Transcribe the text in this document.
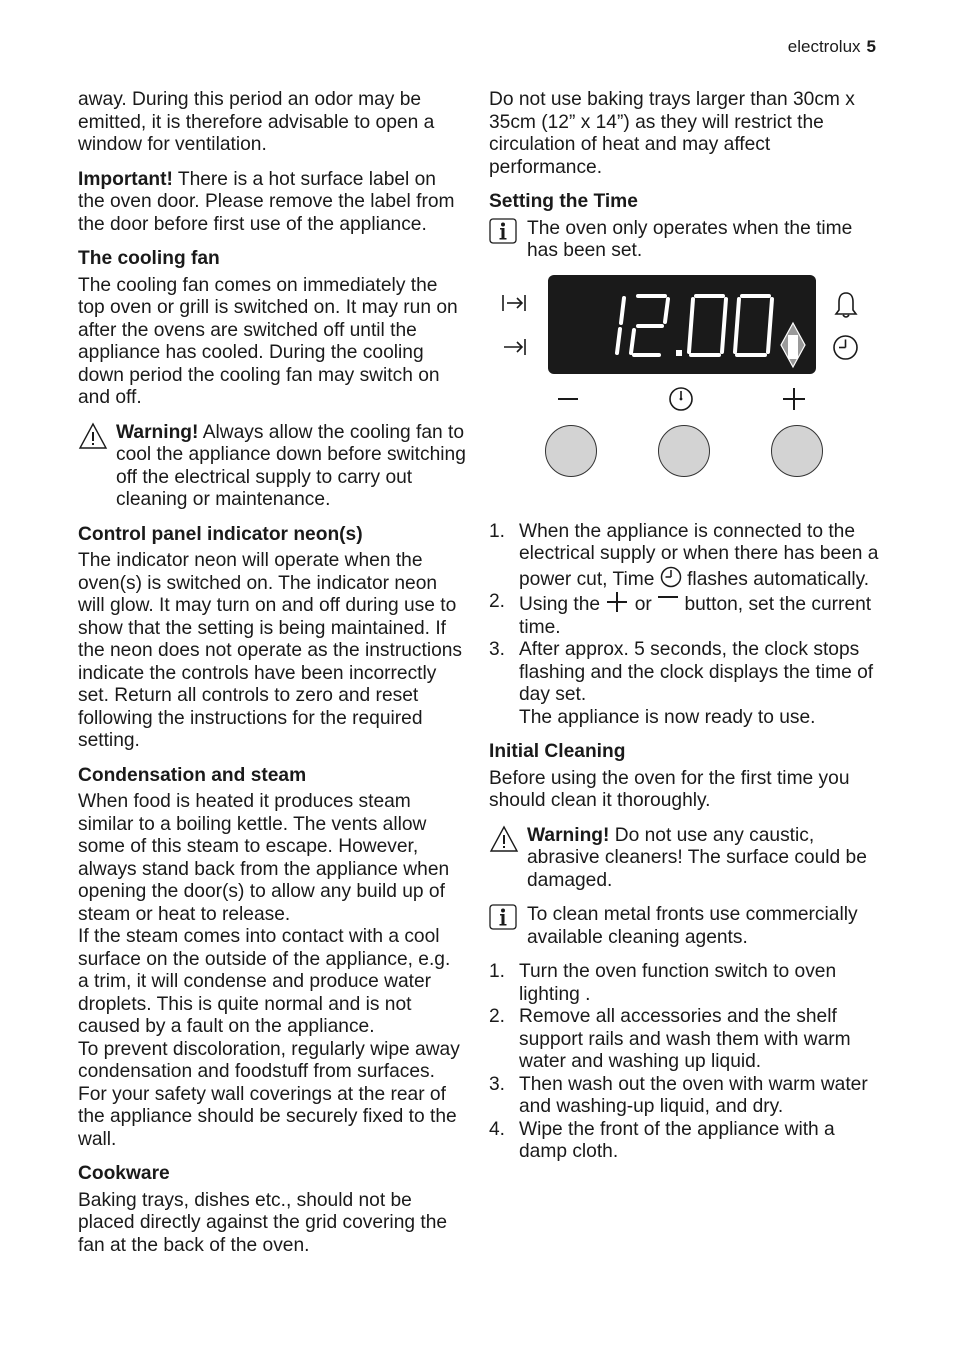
electrolux 5

away. During this period an odor may be emitted, it is therefore advisable to open a window for ventilation.

Important! There is a hot surface label on the oven door. Please remove the label from the door before first use of the appliance.

The cooling fan

The cooling fan comes on immediately the top oven or grill is switched on. It may run on after the ovens are switched off until the appliance has cooled. During the cooling down period the cooling fan may switch on and off.

Warning! Always allow the cooling fan to cool the appliance down before switching off the electrical supply to carry out cleaning or maintenance.
Control panel indicator neon(s)

The indicator neon will operate when the oven(s) is switched on. The indicator neon will glow. It may turn on and off during use to show that the setting is being maintained. If the neon does not operate as the instructions indicate the controls have been incorrectly set. Return all controls to zero and reset following the instructions for the required setting.

Condensation and steam

When food is heated it produces steam similar to a boiling kettle. The vents allow some of this steam to escape. However, always stand back from the appliance when opening the door(s) to allow any build up of steam or heat to release.

If the steam comes into contact with a cool surface on the outside of the appliance, e.g. a trim, it will condense and produce water droplets. This is quite normal and is not caused by a fault on the appliance.

To prevent discoloration, regularly wipe away condensation and foodstuff from surfaces.

For your safety wall coverings at the rear of the appliance should be securely fixed to the wall.

Cookware

Baking trays, dishes etc., should not be placed directly against the grid covering the fan at the back of the oven.

Do not use baking trays larger than 30cm x 35cm (12” x 14”) as they will restrict the circulation of heat and may affect performance.

Setting the Time
The oven only operates when the time has been set.
1. When the appliance is connected to the electrical supply or when there has been a power cut, Time  flashes automatically.
2. Using the  or  button, set the current time.
3. After approx. 5 seconds, the clock stops flashing and the clock displays the time of day set.
The appliance is now ready to use.
Initial Cleaning

Before using the oven for the first time you should clean it thoroughly.

Warning! Do not use any caustic, abrasive cleaners! The surface could be damaged.
To clean metal fronts use commercially available cleaning agents.
1. Turn the oven function switch to oven lighting .
2. Remove all accessories and the shelf support rails and wash them with warm water and washing up liquid.
3. Then wash out the oven with warm water and washing-up liquid, and dry.
4. Wipe the front of the appliance with a damp cloth.
